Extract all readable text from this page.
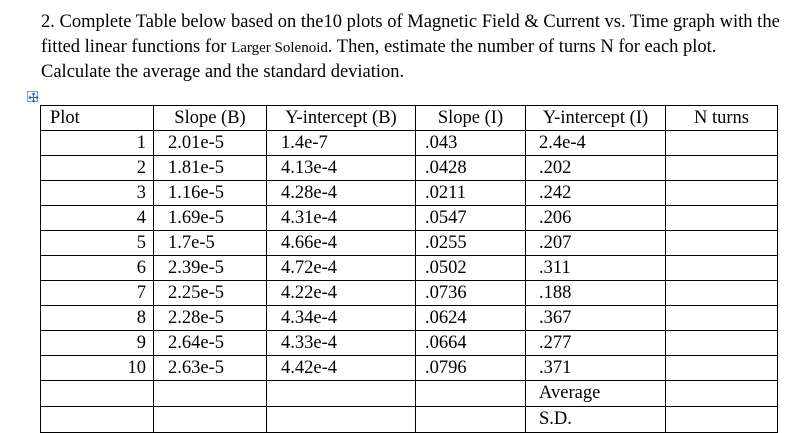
2. Complete Table below based on the10 plots of Magnetic Field & Current vs. Time graph with the fitted linear functions for Larger Solenoid. Then, estimate the number of turns N for each plot. Calculate the average and the standard deviation.

Plot	Slope (B)	Y-intercept (B)	Slope (I)	Y-intercept (I)	N turns
1	2.01e-5	1.4e-7	.043	2.4e-4	
2	1.81e-5	4.13e-4	.0428	.202	
3	1.16e-5	4.28e-4	.0211	.242	
4	1.69e-5	4.31e-4	.0547	.206	
5	1.7e-5	4.66e-4	.0255	.207	
6	2.39e-5	4.72e-4	.0502	.311	
7	2.25e-5	4.22e-4	.0736	.188	
8	2.28e-5	4.34e-4	.0624	.367	
9	2.64e-5	4.33e-4	.0664	.277	
10	2.63e-5	4.42e-4	.0796	.371	
				Average	
				S.D.	
